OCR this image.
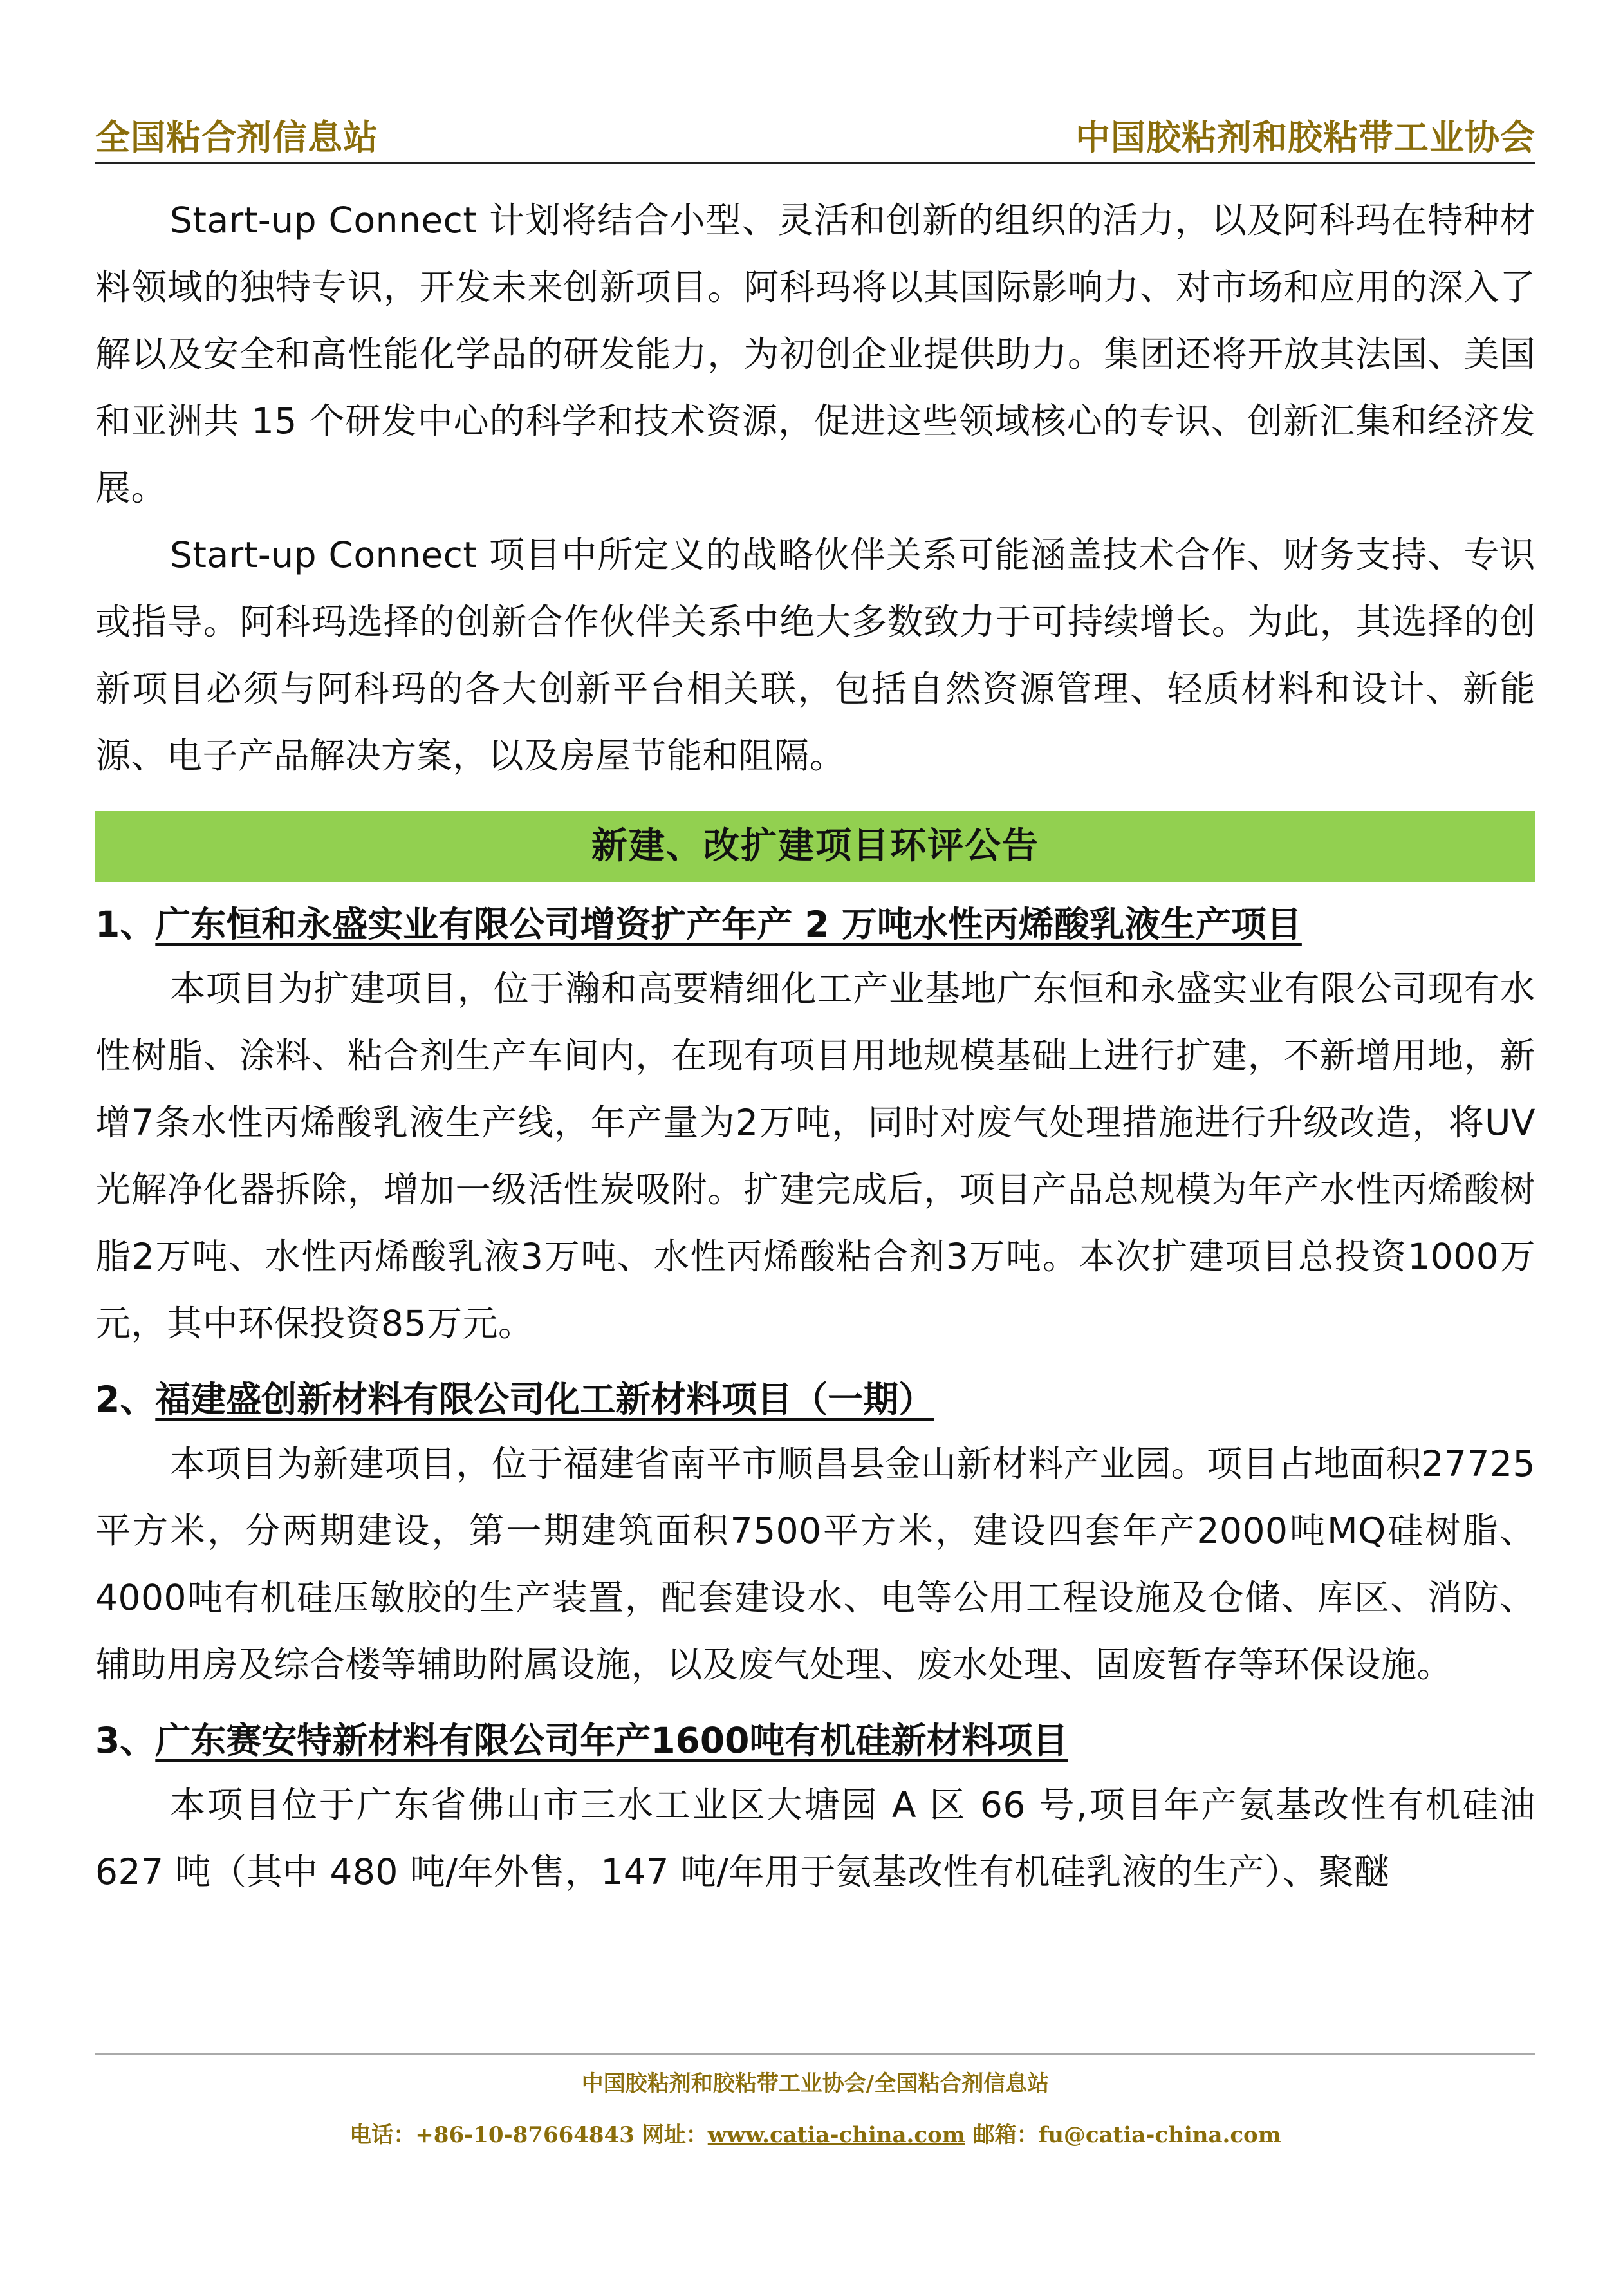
全国粘合剂信息站	中国胶粘剂和胶粘带工业协会

Start-up Connect 计划将结合小型、灵活和创新的组织的活力，以及阿科玛在特种材料领域的独特专识，开发未来创新项目。阿科玛将以其国际影响力、对市场和应用的深入了解以及安全和高性能化学品的研发能力，为初创企业提供助力。集团还将开放其法国、美国和亚洲共 15 个研发中心的科学和技术资源，促进这些领域核心的专识、创新汇集和经济发展。

Start-up Connect 项目中所定义的战略伙伴关系可能涵盖技术合作、财务支持、专识或指导。阿科玛选择的创新合作伙伴关系中绝大多数致力于可持续增长。为此，其选择的创新项目必须与阿科玛的各大创新平台相关联，包括自然资源管理、轻质材料和设计、新能源、电子产品解决方案，以及房屋节能和阻隔。

新建、改扩建项目环评公告

1、广东恒和永盛实业有限公司增资扩产年产 2 万吨水性丙烯酸乳液生产项目

本项目为扩建项目，位于瀚和高要精细化工产业基地广东恒和永盛实业有限公司现有水性树脂、涂料、粘合剂生产车间内，在现有项目用地规模基础上进行扩建，不新增用地，新增7条水性丙烯酸乳液生产线，年产量为2万吨，同时对废气处理措施进行升级改造，将UV光解净化器拆除，增加一级活性炭吸附。扩建完成后，项目产品总规模为年产水性丙烯酸树脂2万吨、水性丙烯酸乳液3万吨、水性丙烯酸粘合剂3万吨。本次扩建项目总投资1000万元，其中环保投资85万元。

2、福建盛创新材料有限公司化工新材料项目（一期）

本项目为新建项目，位于福建省南平市顺昌县金山新材料产业园。项目占地面积27725平方米，分两期建设，第一期建筑面积7500平方米，建设四套年产2000吨MQ硅树脂、4000吨有机硅压敏胶的生产装置，配套建设水、电等公用工程设施及仓储、库区、消防、辅助用房及综合楼等辅助附属设施，以及废气处理、废水处理、固废暂存等环保设施。

3、广东赛安特新材料有限公司年产1600吨有机硅新材料项目

本项目位于广东省佛山市三水工业区大塘园 A 区 66 号,项目年产氨基改性有机硅油 627 吨（其中 480 吨/年外售，147 吨/年用于氨基改性有机硅乳液的生产）、聚醚

中国胶粘剂和胶粘带工业协会/全国粘合剂信息站
电话：+86-10-87664843 网址：www.catia-china.com 邮箱：fu@catia-china.com
